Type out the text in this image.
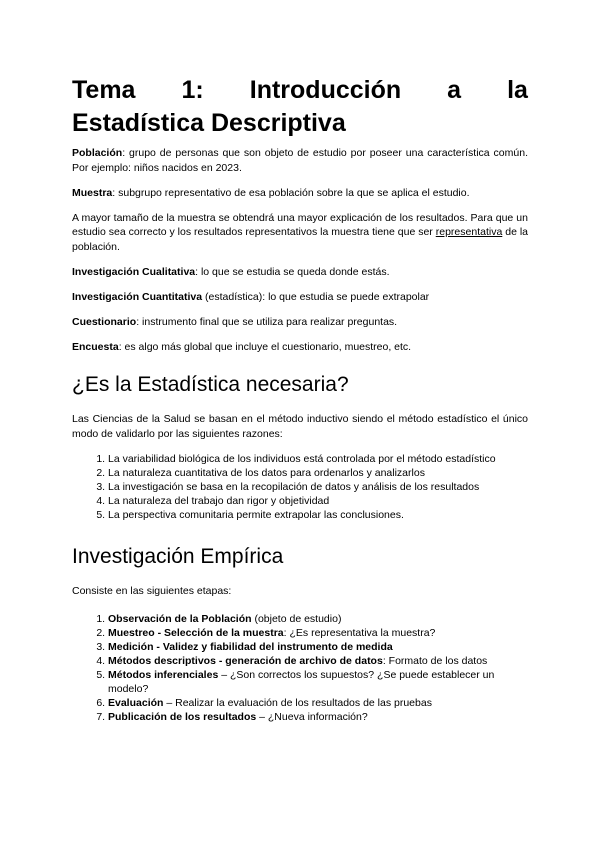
Tema 1: Introducción a la
Estadística Descriptiva

Población: grupo de personas que son objeto de estudio por poseer una característica común. Por ejemplo: niños nacidos en 2023.

Muestra: subgrupo representativo de esa población sobre la que se aplica el estudio.

A mayor tamaño de la muestra se obtendrá una mayor explicación de los resultados. Para que un estudio sea correcto y los resultados representativos la muestra tiene que ser representativa de la población.

Investigación Cualitativa: lo que se estudia se queda donde estás.

Investigación Cuantitativa (estadística): lo que estudia se puede extrapolar

Cuestionario: instrumento final que se utiliza para realizar preguntas.

Encuesta: es algo más global que incluye el cuestionario, muestreo, etc.

¿Es la Estadística necesaria?

Las Ciencias de la Salud se basan en el método inductivo siendo el método estadístico el único modo de validarlo por las siguientes razones:

1. La variabilidad biológica de los individuos está controlada por el método estadístico
2. La naturaleza cuantitativa de los datos para ordenarlos y analizarlos
3. La investigación se basa en la recopilación de datos y análisis de los resultados
4. La naturaleza del trabajo dan rigor y objetividad
5. La perspectiva comunitaria permite extrapolar las conclusiones.
Investigación Empírica

Consiste en las siguientes etapas:

1. Observación de la Población (objeto de estudio)
2. Muestreo - Selección de la muestra: ¿Es representativa la muestra?
3. Medición - Validez y fiabilidad del instrumento de medida
4. Métodos descriptivos - generación de archivo de datos: Formato de los datos
5. Métodos inferenciales – ¿Son correctos los supuestos? ¿Se puede establecer un modelo?
6. Evaluación – Realizar la evaluación de los resultados de las pruebas
7. Publicación de los resultados – ¿Nueva información?
